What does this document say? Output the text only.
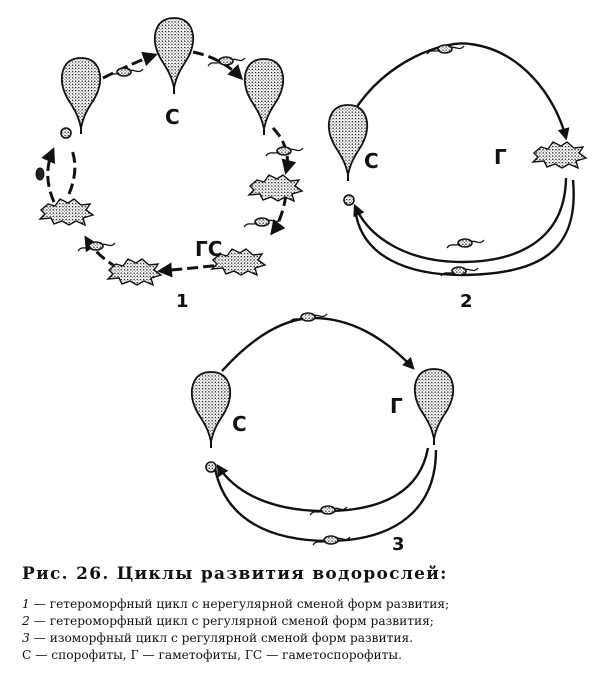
С
ГС
1
С	Г
2
С
Г
3
Рис. 26. Циклы развития водорослей:
1 — гетероморфный цикл с нерегулярной сменой форм развития;
2 — гетероморфный цикл с регулярной сменой форм развития;
3 — изоморфный цикл с регулярной сменой форм развития.
С — спорофиты, Г — гаметофиты, ГС — гаметоспорофиты.
